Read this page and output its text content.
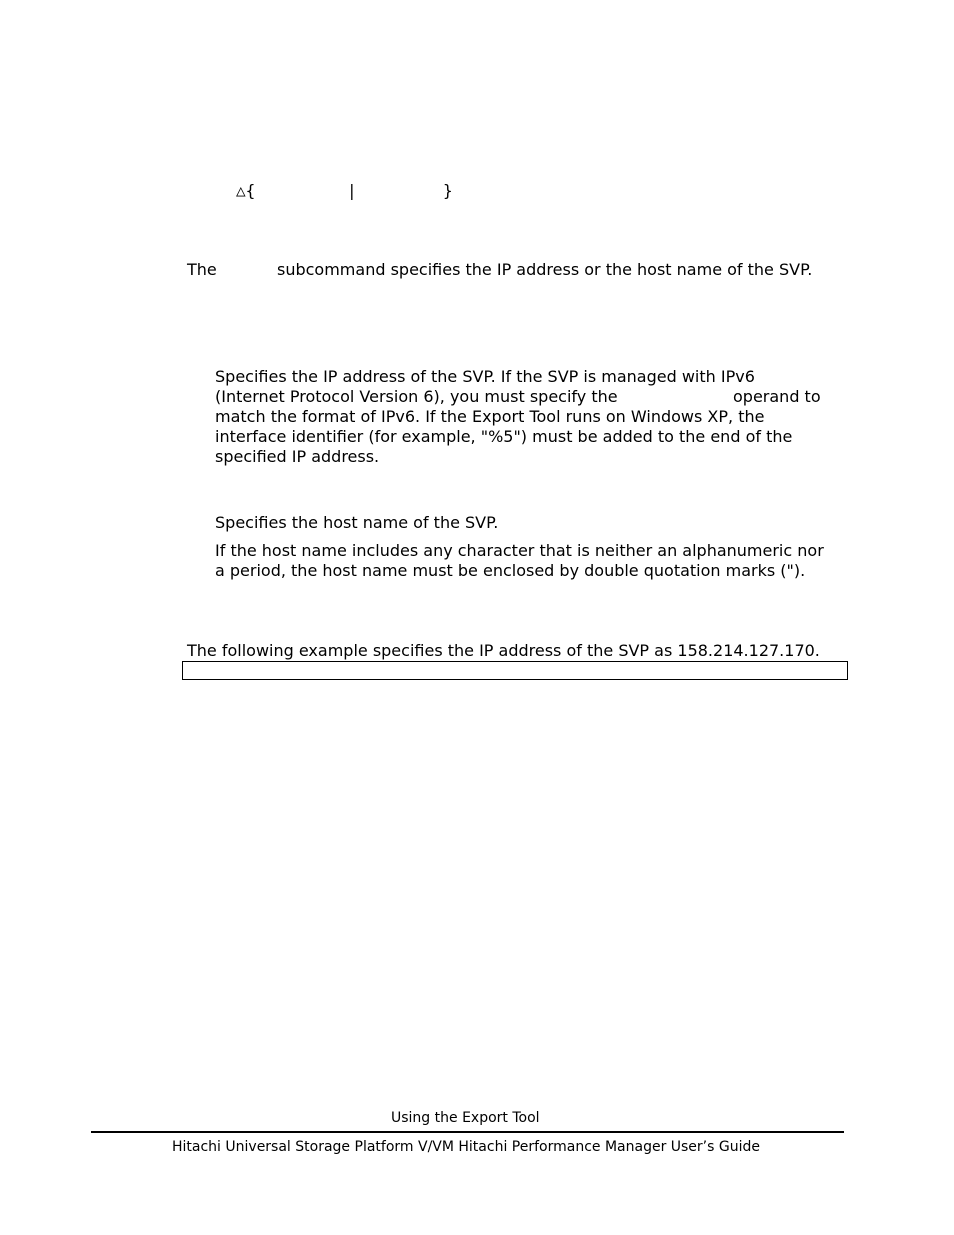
△{	|	}
The	subcommand specifies the IP address or the host name of the SVP.
Specifies the IP address of the SVP. If the SVP is managed with IPv6
(Internet Protocol Version 6), you must specify the	operand to
match the format of IPv6. If the Export Tool runs on Windows XP, the
interface identifier (for example, "%5") must be added to the end of the
specified IP address.
Specifies the host name of the SVP.
If the host name includes any character that is neither an alphanumeric nor
a period, the host name must be enclosed by double quotation marks (").
The following example specifies the IP address of the SVP as 158.214.127.170.
Using the Export Tool
Hitachi Universal Storage Platform V/VM Hitachi Performance Manager User’s Guide
